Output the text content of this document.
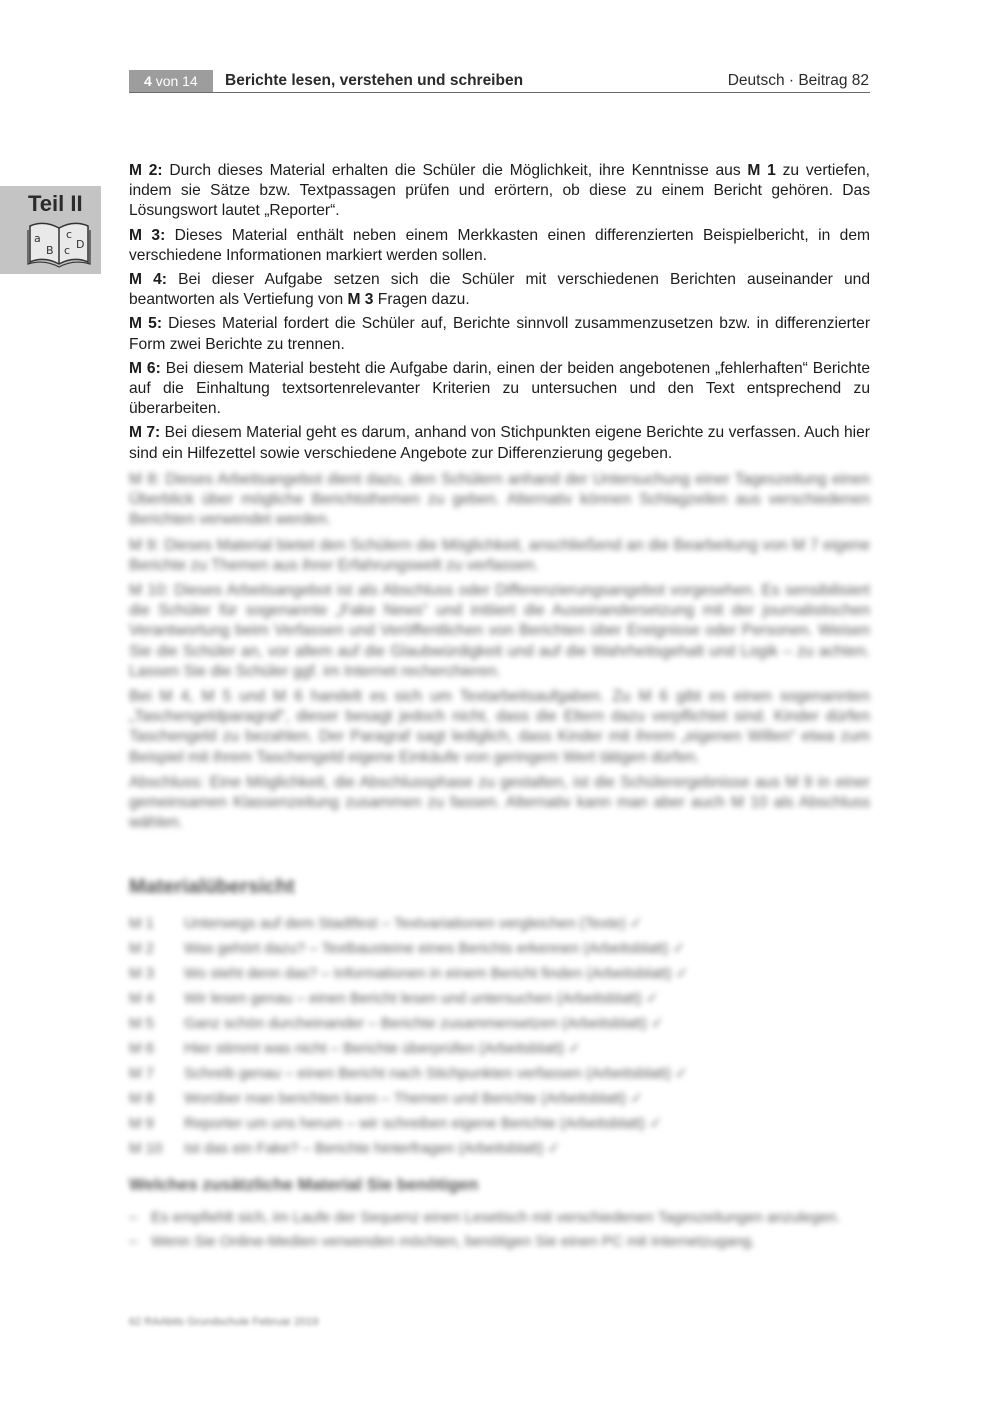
4 von 14	Berichte lesen, verstehen und schreiben	Deutsch · Beitrag 82
Teil II
a
B
c
c D

M 2: Durch dieses Material erhalten die Schüler die Möglichkeit, ihre Kenntnisse aus M 1 zu vertiefen, indem sie Sätze bzw. Textpassagen prüfen und erörtern, ob diese zu einem Bericht gehören. Das Lösungswort lautet „Reporter“.

M 3: Dieses Material enthält neben einem Merkkasten einen differenzierten Beispielbericht, in dem verschiedene Informationen markiert werden sollen.

M 4: Bei dieser Aufgabe setzen sich die Schüler mit verschiedenen Berichten auseinander und beantworten als Vertiefung von M 3 Fragen dazu.

M 5: Dieses Material fordert die Schüler auf, Berichte sinnvoll zusammenzusetzen bzw. in differenzierter Form zwei Berichte zu trennen.

M 6: Bei diesem Material besteht die Aufgabe darin, einen der beiden angebotenen „fehlerhaften“ Berichte auf die Einhaltung textsortenrelevanter Kriterien zu untersuchen und den Text entsprechend zu überarbeiten.

M 7: Bei diesem Material geht es darum, anhand von Stichpunkten eigene Berichte zu verfassen. Auch hier sind ein Hilfezettel sowie verschiedene Angebote zur Differenzierung gegeben.

M 8: Dieses Arbeitsangebot dient dazu, den Schülern anhand der Untersuchung einer Tageszeitung einen Überblick über mögliche Berichtsthemen zu geben. Alternativ können Schlagzeilen aus verschiedenen Berichten verwendet werden.

M 9: Dieses Material bietet den Schülern die Möglichkeit, anschließend an die Bearbeitung von M 7 eigene Berichte zu Themen aus ihrer Erfahrungswelt zu verfassen.

M 10: Dieses Arbeitsangebot ist als Abschluss oder Differenzierungsangebot vorgesehen. Es sensibilisiert die Schüler für sogenannte „Fake News“ und initiiert die Auseinandersetzung mit der journalistischen Verantwortung beim Verfassen und Veröffentlichen von Berichten über Ereignisse oder Personen. Weisen Sie die Schüler an, vor allem auf die Glaubwürdigkeit und auf die Wahrheitsgehalt und Logik – zu achten. Lassen Sie die Schüler ggf. im Internet recherchieren.

Bei M 4, M 5 und M 6 handelt es sich um Textarbeitsaufgaben. Zu M 6 gibt es einen sogenannten „Taschengeldparagraf“, dieser besagt jedoch nicht, dass die Eltern dazu verpflichtet sind. Kinder dürfen Taschengeld zu bezahlen. Der Paragraf sagt lediglich, dass Kinder mit ihrem „eigenen Willen“ etwa zum Beispiel mit ihrem Taschengeld eigene Einkäufe von geringem Wert tätigen dürfen.

Abschluss: Eine Möglichkeit, die Abschlussphase zu gestalten, ist die Schülerergebnisse aus M 9 in einer gemeinsamen Klassenzeitung zusammen zu fassen. Alternativ kann man aber auch M 10 als Abschluss wählen.

Materialübersicht
M 1	Unterwegs auf dem Stadtfest – Textvariationen vergleichen (Texte) ✓
M 2	Was gehört dazu? – Textbausteine eines Berichts erkennen (Arbeitsblatt) ✓
M 3	Wo steht denn das? – Informationen in einem Bericht finden (Arbeitsblatt) ✓
M 4	Wir lesen genau – einen Bericht lesen und untersuchen (Arbeitsblatt) ✓
M 5	Ganz schön durcheinander – Berichte zusammensetzen (Arbeitsblatt) ✓
M 6	Hier stimmt was nicht – Berichte überprüfen (Arbeitsblatt) ✓
M 7	Schreib genau – einen Bericht nach Stichpunkten verfassen (Arbeitsblatt) ✓
M 8	Worüber man berichten kann – Themen und Berichte (Arbeitsblatt) ✓
M 9	Reporter um uns herum – wir schreiben eigene Berichte (Arbeitsblatt) ✓
M 10	Ist das ein Fake? – Berichte hinterfragen (Arbeitsblatt) ✓
Welches zusätzliche Material Sie benötigen
– Es empfiehlt sich, im Laufe der Sequenz einen Lesetisch mit verschiedenen Tageszeitungen anzulegen.
– Wenn Sie Online-Medien verwenden möchten, benötigen Sie einen PC mit Internetzugang.
62 RAAbits Grundschule Februar 2019
